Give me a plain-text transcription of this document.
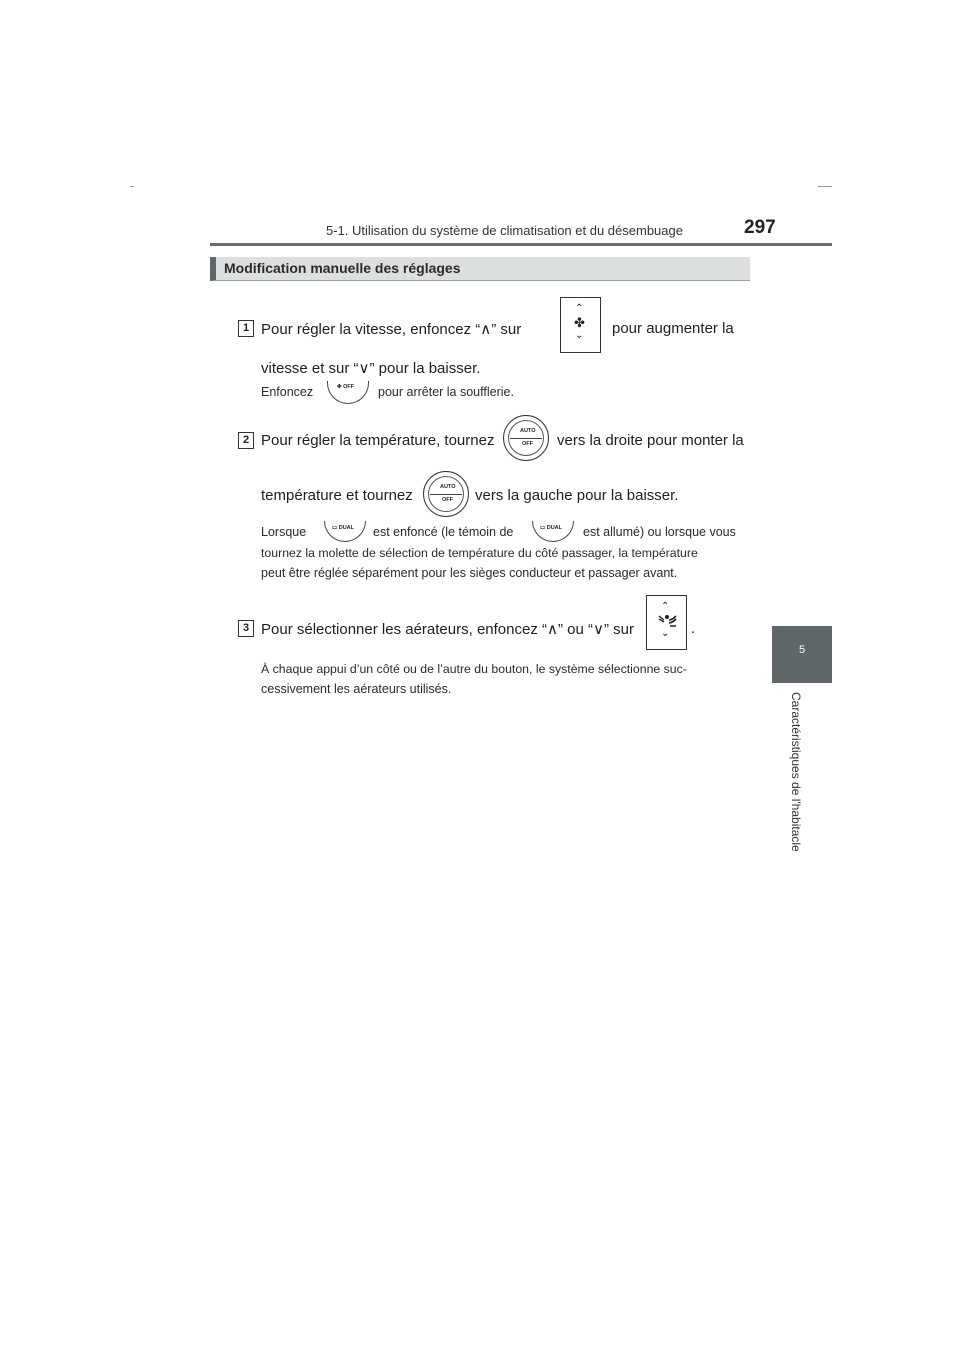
5-1. Utilisation du système de climatisation et du désembuage	297
5
Caractéristiques de l'habitacle
Modification manuelle des réglages
1 Pour régler la vitesse, enfoncez “∧” sur
⌃
✤
⌄ pour augmenter la
vitesse et sur “∨” pour la baisser.
Enfoncez	✤ OFF pour arrêter la soufflerie.
2 Pour régler la température, tournez
AUTO
OFF vers la droite pour monter la
température et tournez	AUTO
OFF vers la gauche pour la baisser.
Lorsque	▭ DUAL est enfoncé (le témoin de	▭ DUAL est allumé) ou lorsque vous
tournez la molette de sélection de température du côté passager, la température
peut être réglée séparément pour les sièges conducteur et passager avant.
3 Pour sélectionner les aérateurs, enfoncez “∧” ou “∨” sur
⌃
⌄ .
À chaque appui d’un côté ou de l’autre du bouton, le système sélectionne suc-
cessivement les aérateurs utilisés.
